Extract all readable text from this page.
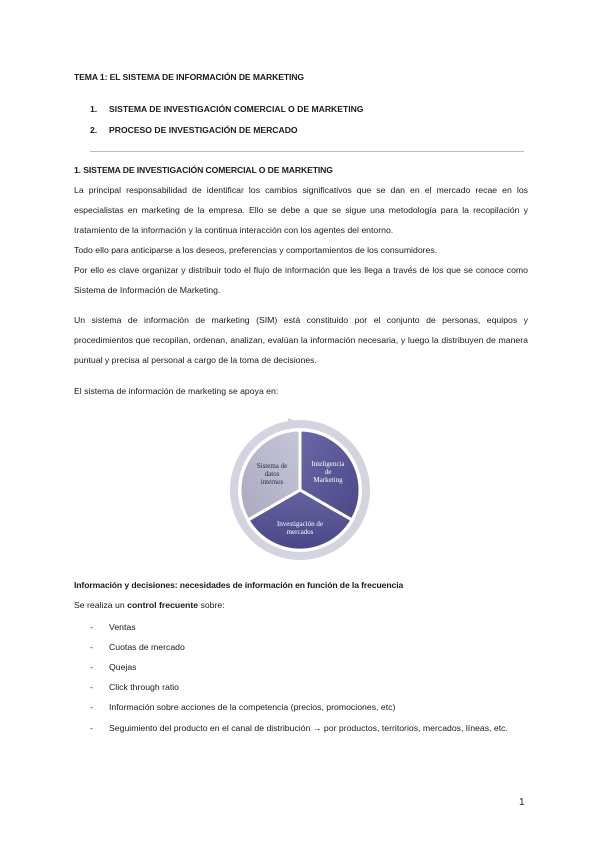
TEMA 1: EL SISTEMA DE INFORMACIÓN DE MARKETING
1. SISTEMA DE INVESTIGACIÓN COMERCIAL O DE MARKETING
2. PROCESO DE INVESTIGACIÓN DE MERCADO
1. SISTEMA DE INVESTIGACIÓN COMERCIAL O DE MARKETING

La principal responsabilidad de identificar los cambios significativos que se dan en el mercado recae en los especialistas en marketing de la empresa. Ello se debe a que se sigue una metodología para la recopilación y tratamiento de la información y la continua interacción con los agentes del entorno.

Todo ello para anticiparse a los deseos, preferencias y comportamientos de los consumidores.

Por ello es clave organizar y distribuir todo el flujo de información que les llega a través de los que se conoce como Sistema de Información de Marketing.

Un sistema de información de marketing (SIM) está constituido por el conjunto de personas, equipos y procedimientos que recopilan, ordenan, analizan, evalúan la información necesaria, y luego la distribuyen de manera puntual y precisa al personal a cargo de la toma de decisiones.

El sistema de información de marketing se apoya en:

Sistema de
datos
internos
Inteligencia
de
Marketing
Investigación de
mercados
Información y decisiones: necesidades de información en función de la frecuencia
Se realiza un control frecuente sobre:
- Ventas
- Cuotas de mercado
- Quejas
- Click through ratio
- Información sobre acciones de la competencia (precios, promociones, etc)
- Seguimiento del producto en el canal de distribución → por productos, territorios, mercados, líneas, etc.
1
